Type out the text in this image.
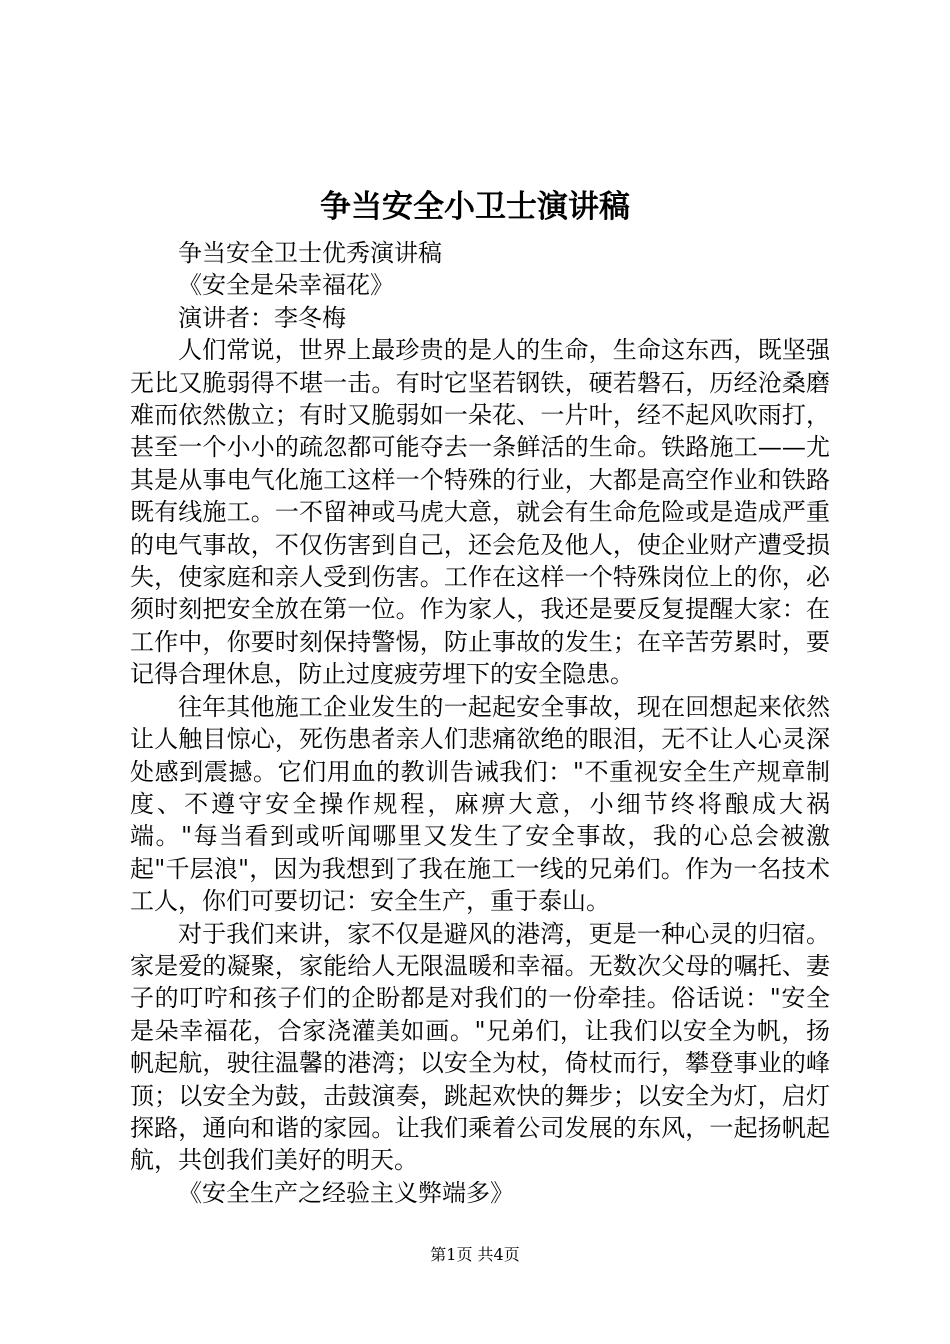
争当安全小卫士演讲稿

争当安全卫士优秀演讲稿

《安全是朵幸福花》

演讲者：李冬梅

人们常说，世界上最珍贵的是人的生命，生命这东西，既坚强无比又脆弱得不堪一击。有时它坚若钢铁，硬若磐石，历经沧桑磨难而依然傲立；有时又脆弱如一朵花、一片叶，经不起风吹雨打，甚至一个小小的疏忽都可能夺去一条鲜活的生命。铁路施工——尤其是从事电气化施工这样一个特殊的行业，大都是高空作业和铁路既有线施工。一不留神或马虎大意，就会有生命危险或是造成严重的电气事故，不仅伤害到自己，还会危及他人，使企业财产遭受损失，使家庭和亲人受到伤害。工作在这样一个特殊岗位上的你，必须时刻把安全放在第一位。作为家人，我还是要反复提醒大家：在工作中，你要时刻保持警惕，防止事故的发生；在辛苦劳累时，要记得合理休息，防止过度疲劳埋下的安全隐患。

往年其他施工企业发生的一起起安全事故，现在回想起来依然让人触目惊心，死伤患者亲人们悲痛欲绝的眼泪，无不让人心灵深处感到震撼。它们用血的教训告诫我们："不重视安全生产规章制度、不遵守安全操作规程，麻痹大意，小细节终将酿成大祸端。"每当看到或听闻哪里又发生了安全事故，我的心总会被激起"千层浪"，因为我想到了我在施工一线的兄弟们。作为一名技术工人，你们可要切记：安全生产，重于泰山。

对于我们来讲，家不仅是避风的港湾，更是一种心灵的归宿。家是爱的凝聚，家能给人无限温暖和幸福。无数次父母的嘱托、妻子的叮咛和孩子们的企盼都是对我们的一份牵挂。俗话说："安全是朵幸福花，合家浇灌美如画。"兄弟们，让我们以安全为帆，扬帆起航，驶往温馨的港湾；以安全为杖，倚杖而行，攀登事业的峰顶；以安全为鼓，击鼓演奏，跳起欢快的舞步；以安全为灯，启灯探路，通向和谐的家园。让我们乘着公司发展的东风，一起扬帆起航，共创我们美好的明天。

《安全生产之经验主义弊端多》

第1页 共4页
